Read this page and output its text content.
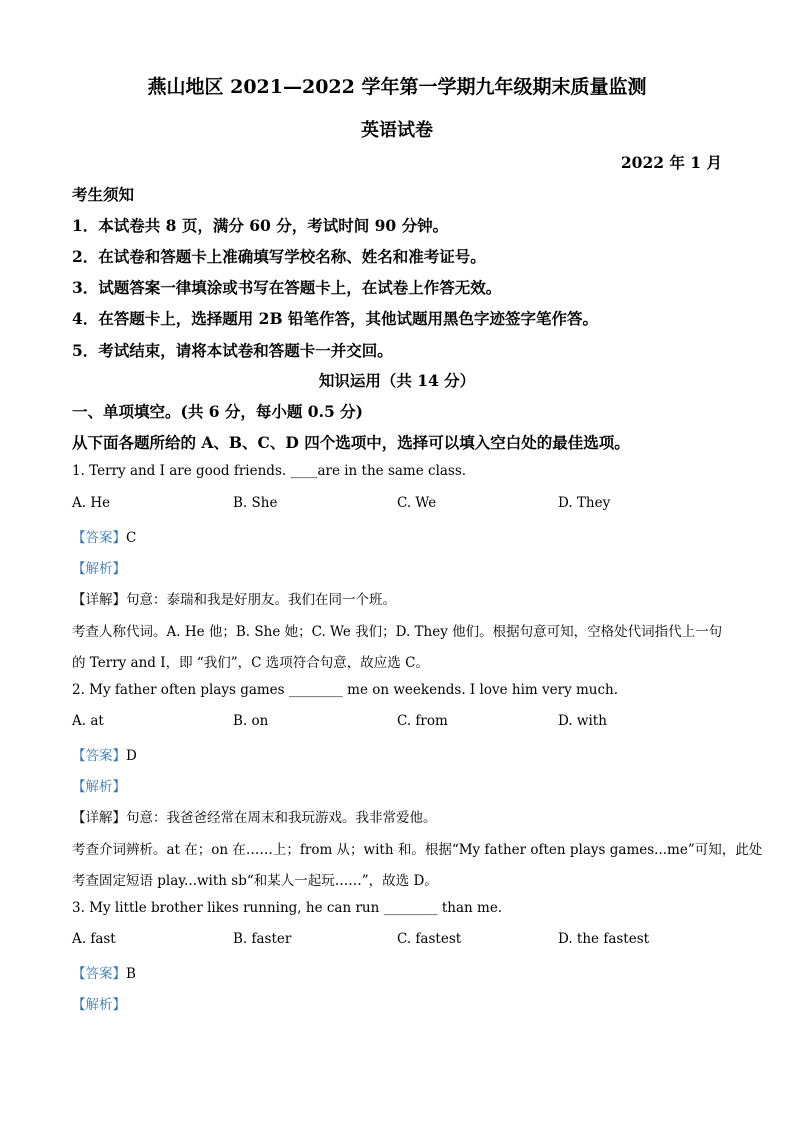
燕山地区 2021—2022 学年第一学期九年级期末质量监测
英语试卷
2022 年 1 月
考生须知
1．本试卷共 8 页，满分 60 分，考试时间 90 分钟。
2．在试卷和答题卡上准确填写学校名称、姓名和准考证号。
3．试题答案一律填涂或书写在答题卡上，在试卷上作答无效。
4．在答题卡上，选择题用 2B 铅笔作答，其他试题用黑色字迹签字笔作答。
5．考试结束，请将本试卷和答题卡一并交回。
知识运用（共 14 分）
一、单项填空。(共 6 分，每小题 0.5 分)
从下面各题所给的 A、B、C、D 四个选项中，选择可以填入空白处的最佳选项。
1. Terry and I are good friends. ____are in the same class.
A. He	B. She	C. We	D. They
【答案】C
【解析】
【详解】句意：泰瑞和我是好朋友。我们在同一个班。
考查人称代词。A. He 他；B. She 她；C. We 我们；D. They 他们。根据句意可知，空格处代词指代上一句
的 Terry and I，即 “我们”，C 选项符合句意，故应选 C。
2. My father often plays games ________ me on weekends. I love him very much.
A. at	B. on	C. from	D. with
【答案】D
【解析】
【详解】句意：我爸爸经常在周末和我玩游戏。我非常爱他。
考查介词辨析。at 在；on 在……上；from 从；with 和。根据“My father often plays games...me”可知，此处
考查固定短语 play...with sb“和某人一起玩……”，故选 D。
3. My little brother likes running, he can run ________ than me.
A. fast	B. faster	C. fastest	D. the fastest
【答案】B
【解析】
